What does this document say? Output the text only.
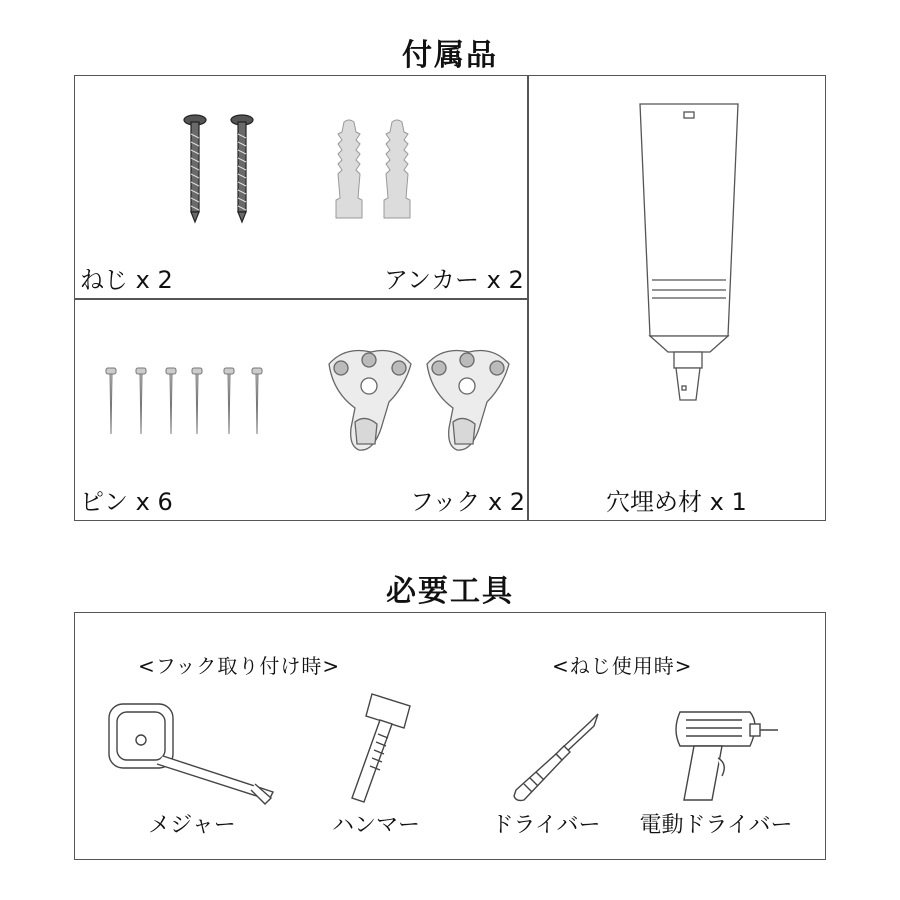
付属品
ねじ x 2	アンカー x 2
ピン x 6	フック x 2	穴埋め材 x 1
必要工具
<フック取り付け時>	<ねじ使用時>
メジャー	ハンマー	ドライバー	電動ドライバー
